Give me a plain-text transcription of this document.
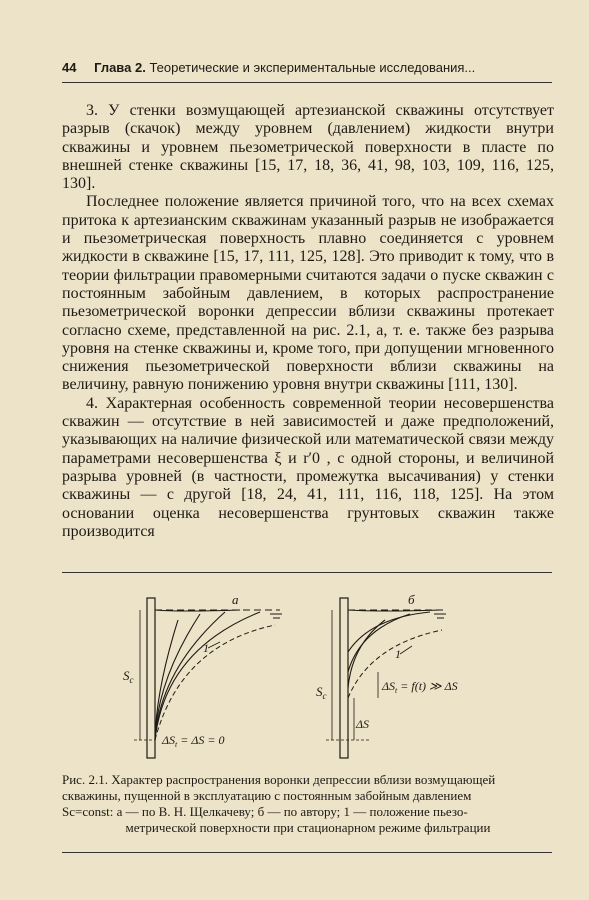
44 Глава 2. Теоретические и экспериментальные исследования...

3. У стенки возмущающей артезианской скважины отсутствует разрыв (скачок) между уровнем (давлением) жидкости внутри скважины и уровнем пьезометрической поверхности в пласте по внешней стенке скважины [15, 17, 18, 36, 41, 98, 103, 109, 116, 125, 130].

Последнее положение является причиной того, что на всех схемах притока к артезианским скважинам указанный разрыв не изображается и пьезометрическая поверхность плавно соединяется с уровнем жидкости в скважине [15, 17, 111, 125, 128]. Это приводит к тому, что в теории фильтрации правомерными считаются задачи о пуске скважин с постоянным забойным давлением, в которых распространение пьезометрической воронки депрессии вблизи скважины протекает согласно схеме, представленной на рис. 2.1, а, т. е. также без разрыва уровня на стенке скважины и, кроме того, при допущении мгновенного снижения пьезометрической поверхности вблизи скважины на величину, равную понижению уровня внутри скважины [111, 130].

4. Характерная особенность современной теории несовершенства скважин — отсутствие в ней зависимостей и даже предположений, указывающих на наличие физической или математической связи между параметрами несовершенства ξ и r′0 , с одной стороны, и величиной разрыва уровней (в частности, промежутка высачивания) у стенки скважины — с другой [18, 24, 41, 111, 116, 118, 125]. На этом основании оценка несовершенства грунтовых скважин также производится

а
1
$S_c$
$\Delta S_t = \Delta S = 0$
б
1
$S_c$
ΔS
$\Delta S_t = f(t)$ ≫ ΔS
Рис. 2.1. Характер распространения воронки депрессии вблизи возмущающей
скважины, пущенной в эксплуатацию с постоянным забойным давлением
Sc=const: а — по В. Н. Щелкачеву; б — по автору; 1 — положение пьезо-
метрической поверхности при стационарном режиме фильтрации
